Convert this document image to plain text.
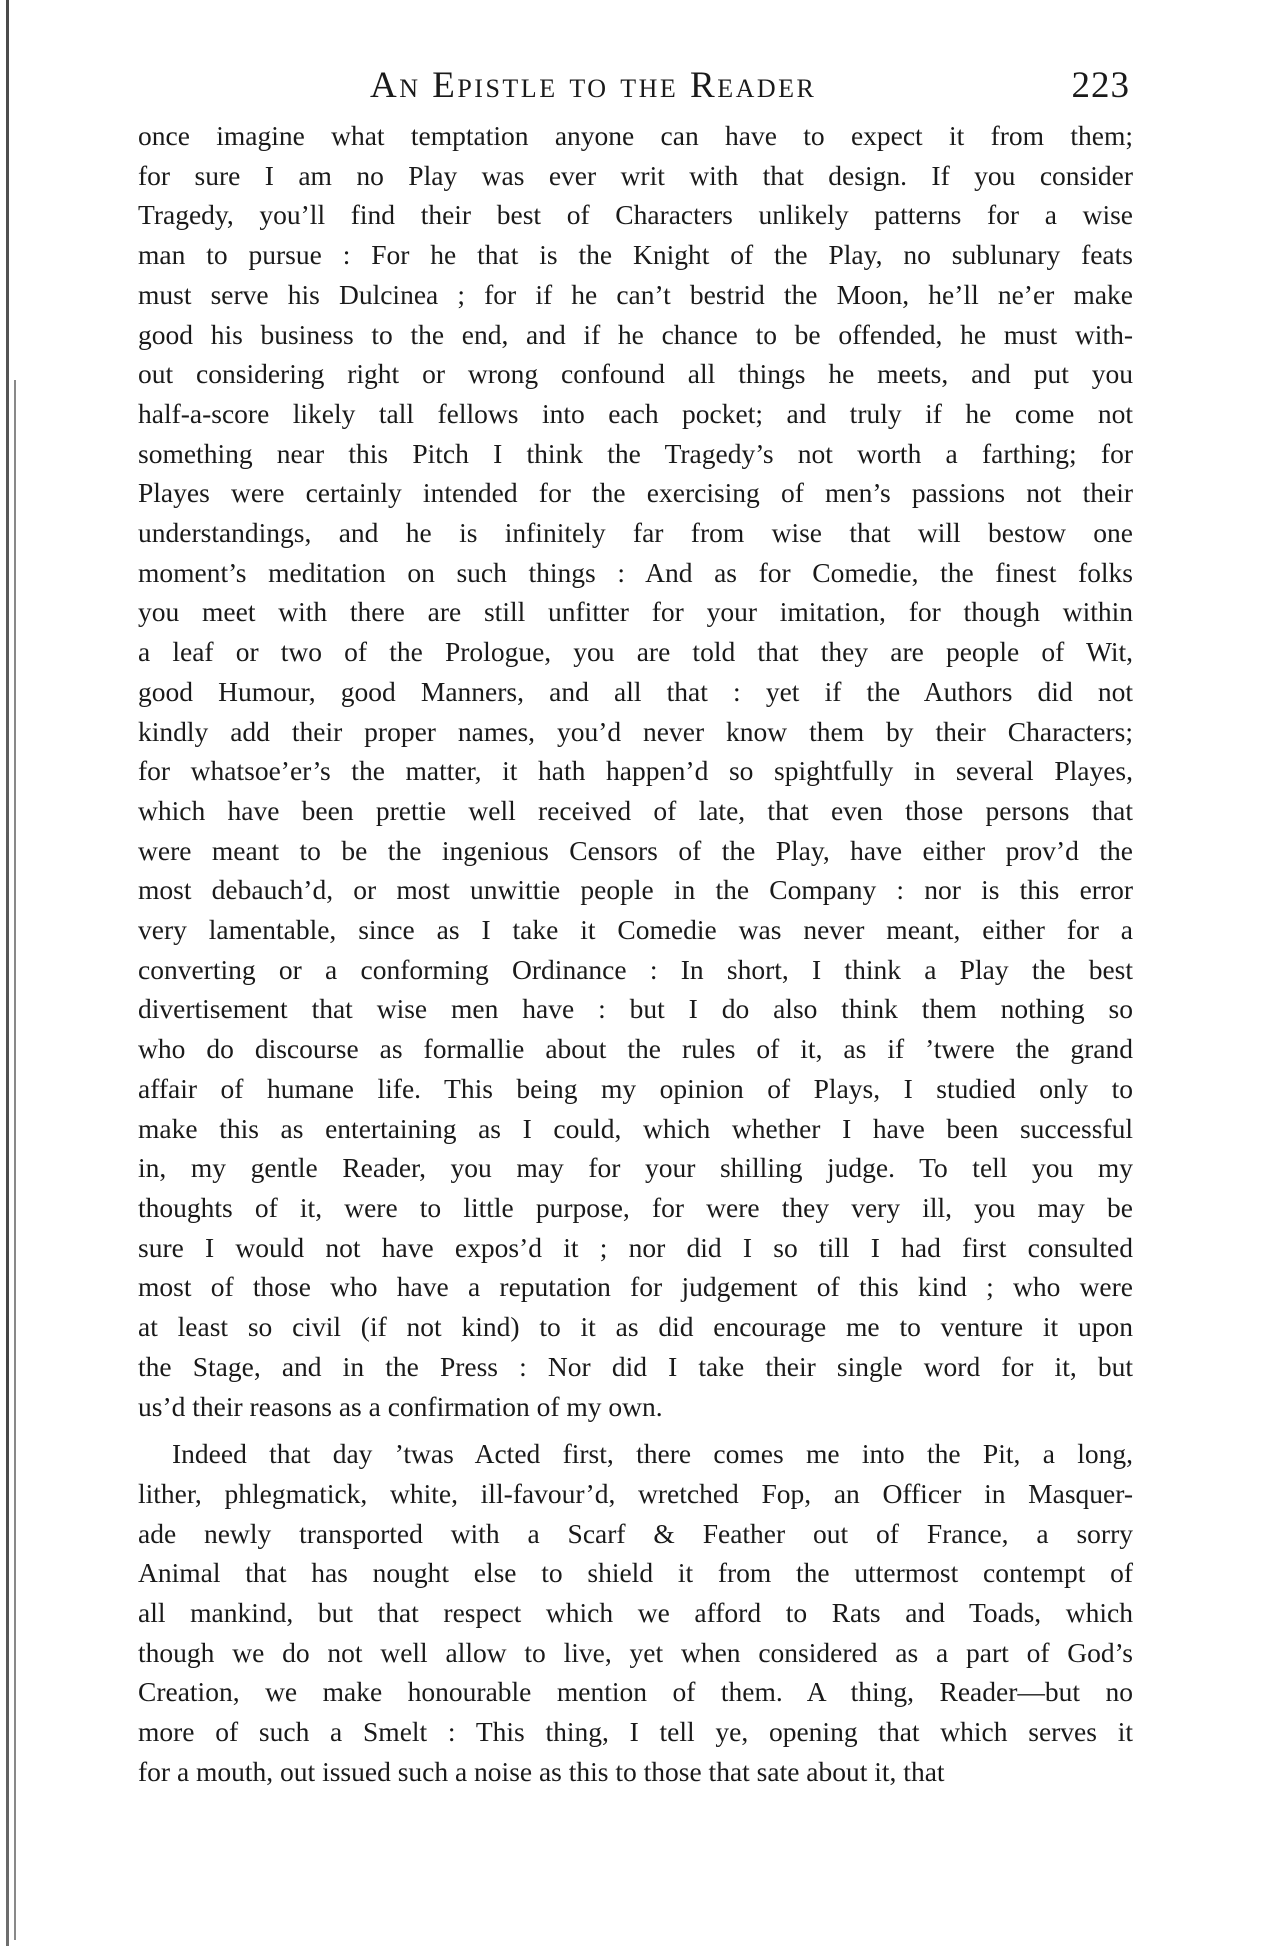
An Epistle to the Reader	223

once imagine what temptation anyone can have to expect it from them;
for sure I am no Play was ever writ with that design. If you consider
Tragedy, you’ll find their best of Characters unlikely patterns for a wise
man to pursue : For he that is the Knight of the Play, no sublunary feats
must serve his Dulcinea ; for if he can’t bestrid the Moon, he’ll ne’er make
good his business to the end, and if he chance to be offended, he must with-
out considering right or wrong confound all things he meets, and put you
half-a-score likely tall fellows into each pocket; and truly if he come not
something near this Pitch I think the Tragedy’s not worth a farthing; for
Playes were certainly intended for the exercising of men’s passions not their
understandings, and he is infinitely far from wise that will bestow one
moment’s meditation on such things : And as for Comedie, the finest folks
you meet with there are still unfitter for your imitation, for though within
a leaf or two of the Prologue, you are told that they are people of Wit,
good Humour, good Manners, and all that : yet if the Authors did not
kindly add their proper names, you’d never know them by their Characters;
for whatsoe’er’s the matter, it hath happen’d so spightfully in several Playes,
which have been prettie well received of late, that even those persons that
were meant to be the ingenious Censors of the Play, have either prov’d the
most debauch’d, or most unwittie people in the Company : nor is this error
very lamentable, since as I take it Comedie was never meant, either for a
converting or a conforming Ordinance : In short, I think a Play the best
divertisement that wise men have : but I do also think them nothing so
who do discourse as formallie about the rules of it, as if ’twere the grand
affair of humane life. This being my opinion of Plays, I studied only to
make this as entertaining as I could, which whether I have been successful
in, my gentle Reader, you may for your shilling judge. To tell you my
thoughts of it, were to little purpose, for were they very ill, you may be
sure I would not have expos’d it ; nor did I so till I had first consulted
most of those who have a reputation for judgement of this kind ; who were
at least so civil (if not kind) to it as did encourage me to venture it upon
the Stage, and in the Press : Nor did I take their single word for it, but
us’d their reasons as a confirmation of my own.

Indeed that day ’twas Acted first, there comes me into the Pit, a long,
lither, phlegmatick, white, ill-favour’d, wretched Fop, an Officer in Masquer-
ade newly transported with a Scarf & Feather out of France, a sorry
Animal that has nought else to shield it from the uttermost contempt of
all mankind, but that respect which we afford to Rats and Toads, which
though we do not well allow to live, yet when considered as a part of God’s
Creation, we make honourable mention of them. A thing, Reader—but no
more of such a Smelt : This thing, I tell ye, opening that which serves it
for a mouth, out issued such a noise as this to those that sate about it, that
